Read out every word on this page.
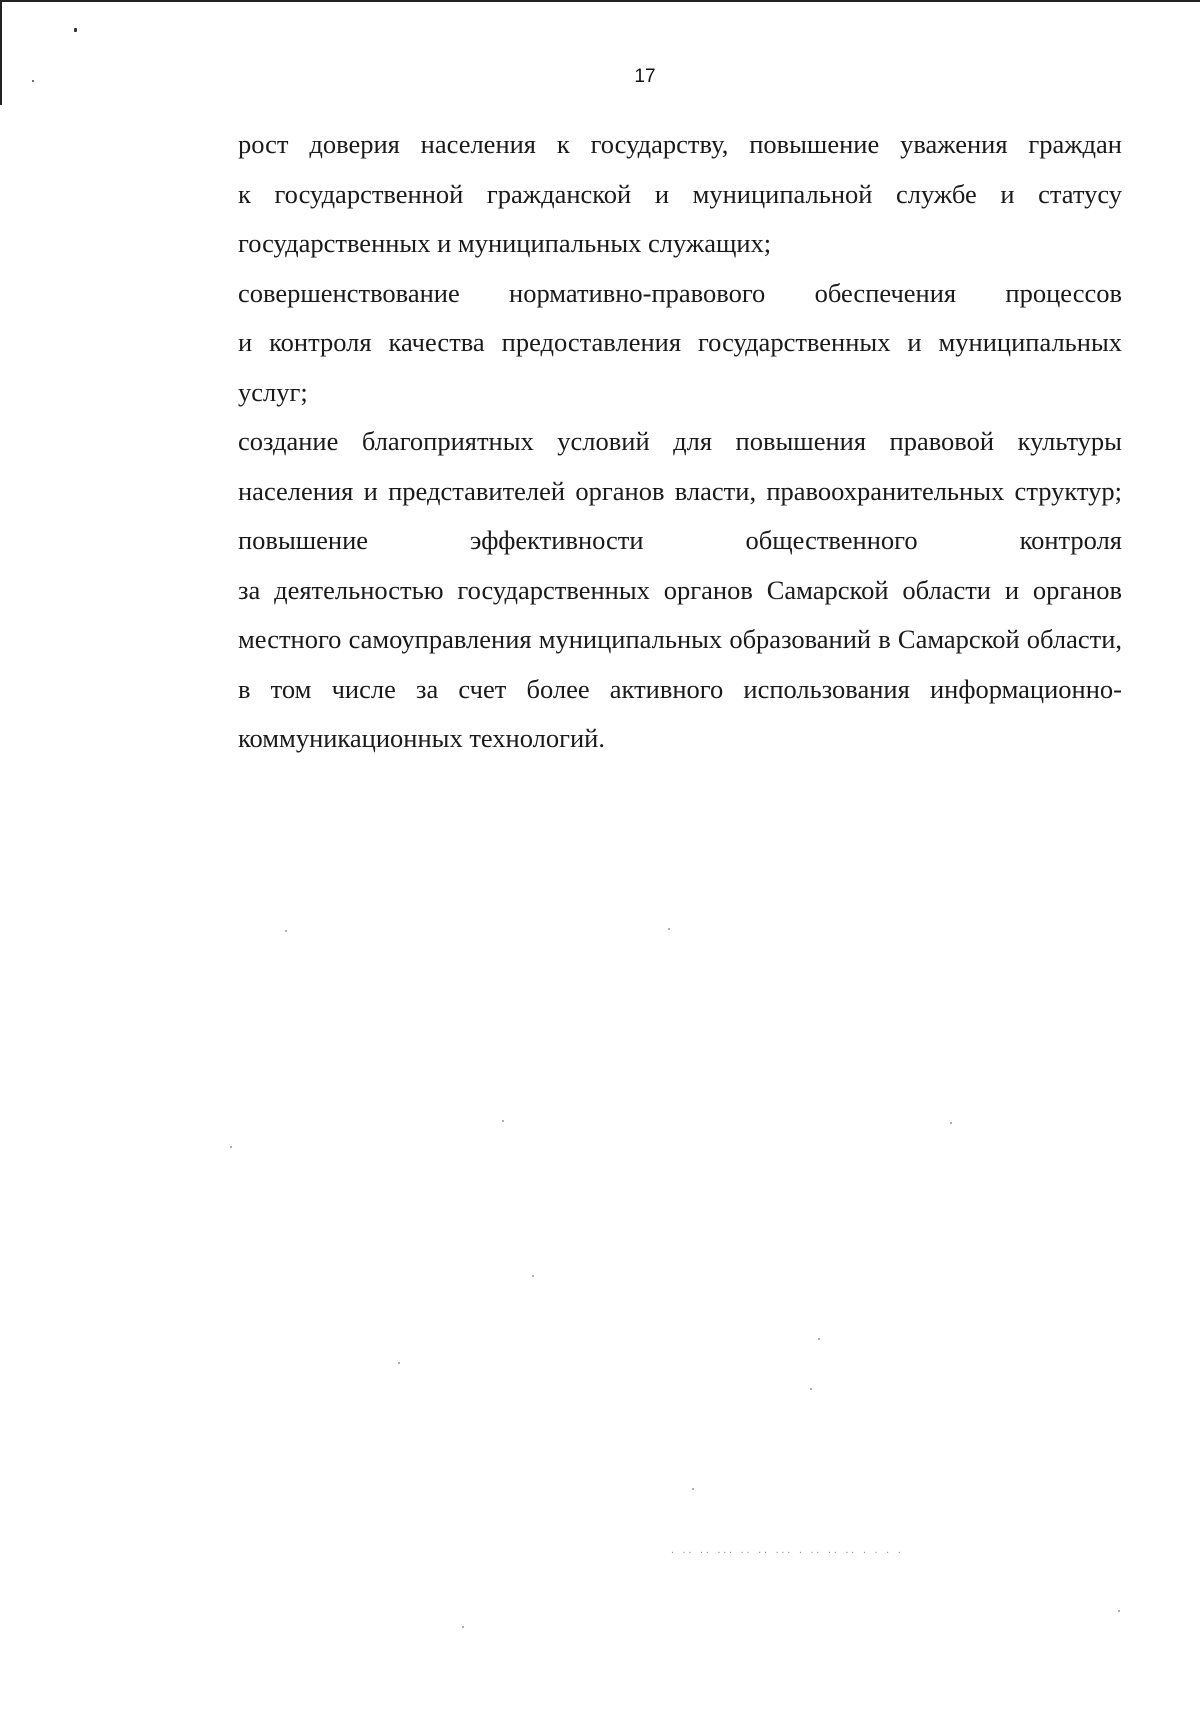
17

рост доверия населения к государству, повышение уважения граждан
к государственной гражданской и муниципальной службе и статусу
государственных и муниципальных служащих;

совершенствование нормативно-правового обеспечения процессов
и контроля качества предоставления государственных и муниципальных
услуг;

создание благоприятных условий для повышения правовой культуры
населения и представителей органов власти, правоохранительных структур;

повышение эффективности общественного контроля
за деятельностью государственных органов Самарской области и органов
местного самоуправления муниципальных образований в Самарской области,
в том числе за счет более активного использования информационно-
коммуникационных технологий.

· ·· ·· ··· ·· ·· ··· · ·· ·· ·· · · · ·
